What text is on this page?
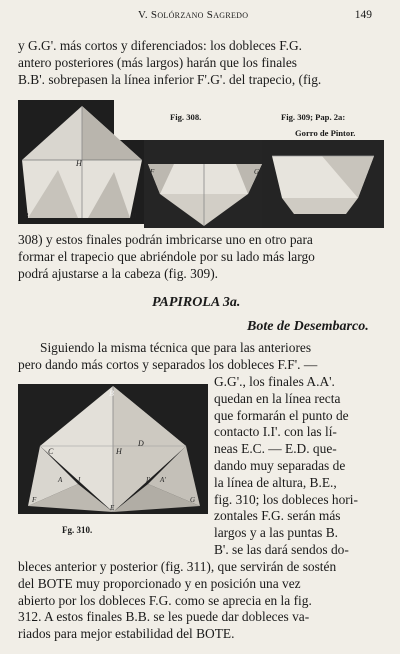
V. Solórzano Sagredo	149
y G.G'. más cortos y diferenciados: los dobleces F.G.
antero posteriores (más largos) harán que los finales
B.B'. sobrepasen la línea inferior F'.G'. del trapecio, (fig.
Fig. 308.	Fig. 309; Pap. 2a:
Gorro de Pintor.
H
B	B'
F	G
308) y estos finales podrán imbricarse uno en otro para
formar el trapecio que abriéndole por su lado más largo
podrá ajustarse a la cabeza (fig. 309).
PAPIROLA 3a.
Bote de Desembarco.
Siguiendo la misma técnica que para las anteriores
pero dando más cortos y separados los dobleces F.F'. —
B
C
D
H
I	I'
A	A'
F	G
E
Fg. 310.
G.G'., los finales A.A'.
quedan en la línea recta
que formarán el punto de
contacto I.I'. con las lí-
neas E.C. — E.D. que-
dando muy separadas de
la línea de altura, B.E.,
fig. 310; los dobleces hori-
zontales F.G. serán más
largos y a las puntas B.
B'. se las dará sendos do-
bleces anterior y posterior (fig. 311), que servirán de sostén
del BOTE muy proporcionado y en posición una vez
abierto por los dobleces F.G. como se aprecia en la fig.
312. A estos finales B.B. se les puede dar dobleces va-
riados para mejor estabilidad del BOTE.
